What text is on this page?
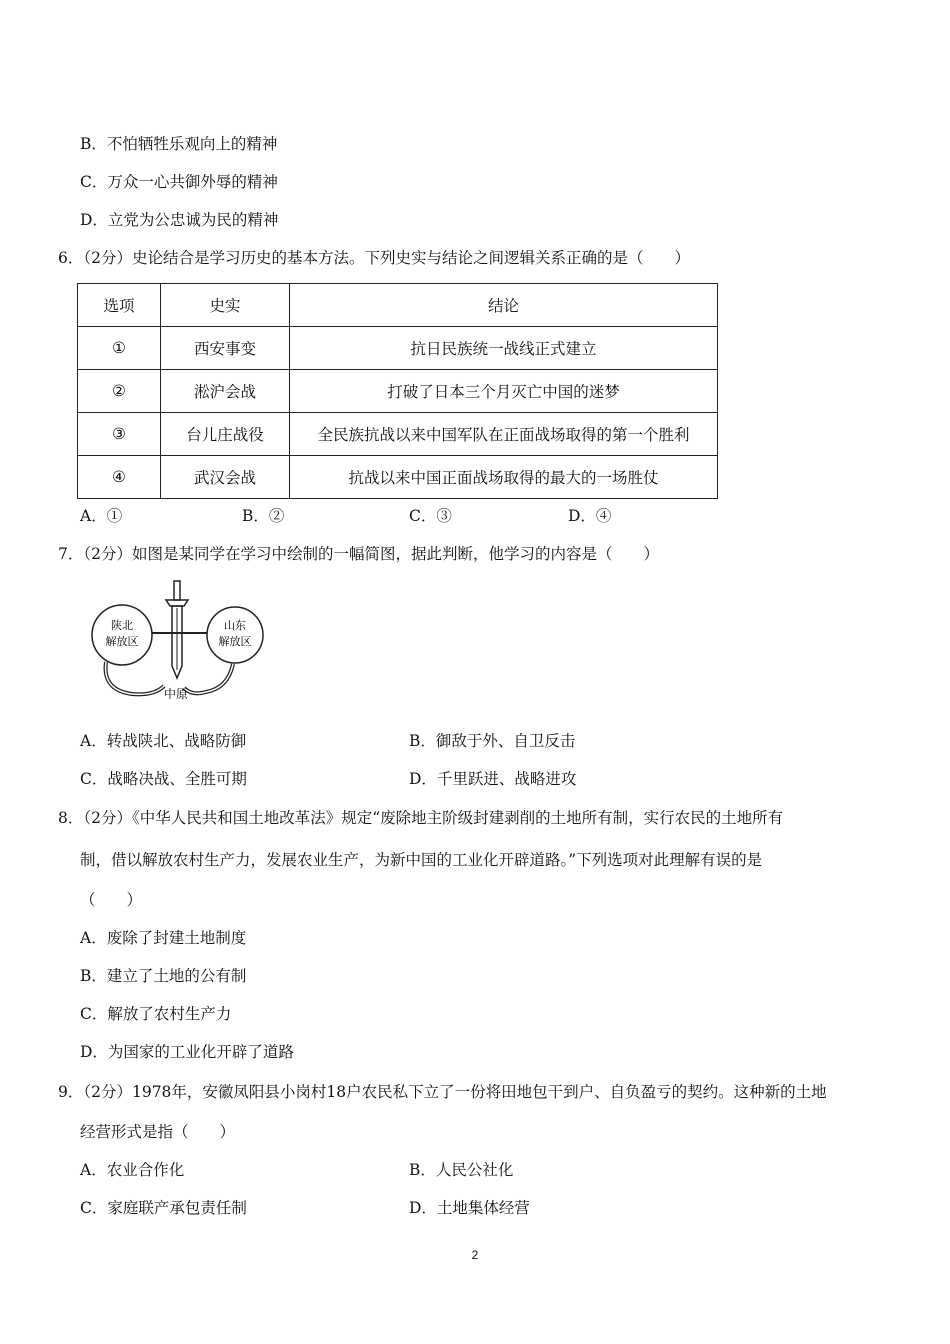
B．不怕牺牲乐观向上的精神
C．万众一心共御外辱的精神
D．立党为公忠诚为民的精神
6．（2分）史论结合是学习历史的基本方法。下列史实与结论之间逻辑关系正确的是（　　）
选项	史实	结论
①	西安事变	抗日民族统一战线正式建立
②	淞沪会战	打破了日本三个月灭亡中国的迷梦
③	台儿庄战役	全民族抗战以来中国军队在正面战场取得的第一个胜利
④	武汉会战	抗战以来中国正面战场取得的最大的一场胜仗
A．①	B．②	C．③	D．④
7．（2分）如图是某同学在学习中绘制的一幅简图，据此判断，他学习的内容是（　　）
陕北
解放区
山东
解放区
中原
A．转战陕北、战略防御	B．御敌于外、自卫反击
C．战略决战、全胜可期	D．千里跃进、战略进攻
8．（2分）《中华人民共和国土地改革法》规定“废除地主阶级封建剥削的土地所有制，实行农民的土地所有
制，借以解放农村生产力，发展农业生产，为新中国的工业化开辟道路。”下列选项对此理解有误的是
（　　）
A．废除了封建土地制度
B．建立了土地的公有制
C．解放了农村生产力
D．为国家的工业化开辟了道路
9．（2分）1978年，安徽凤阳县小岗村18户农民私下立了一份将田地包干到户、自负盈亏的契约。这种新的土地
经营形式是指（　　）
A．农业合作化	B．人民公社化
C．家庭联产承包责任制	D．土地集体经营
2
